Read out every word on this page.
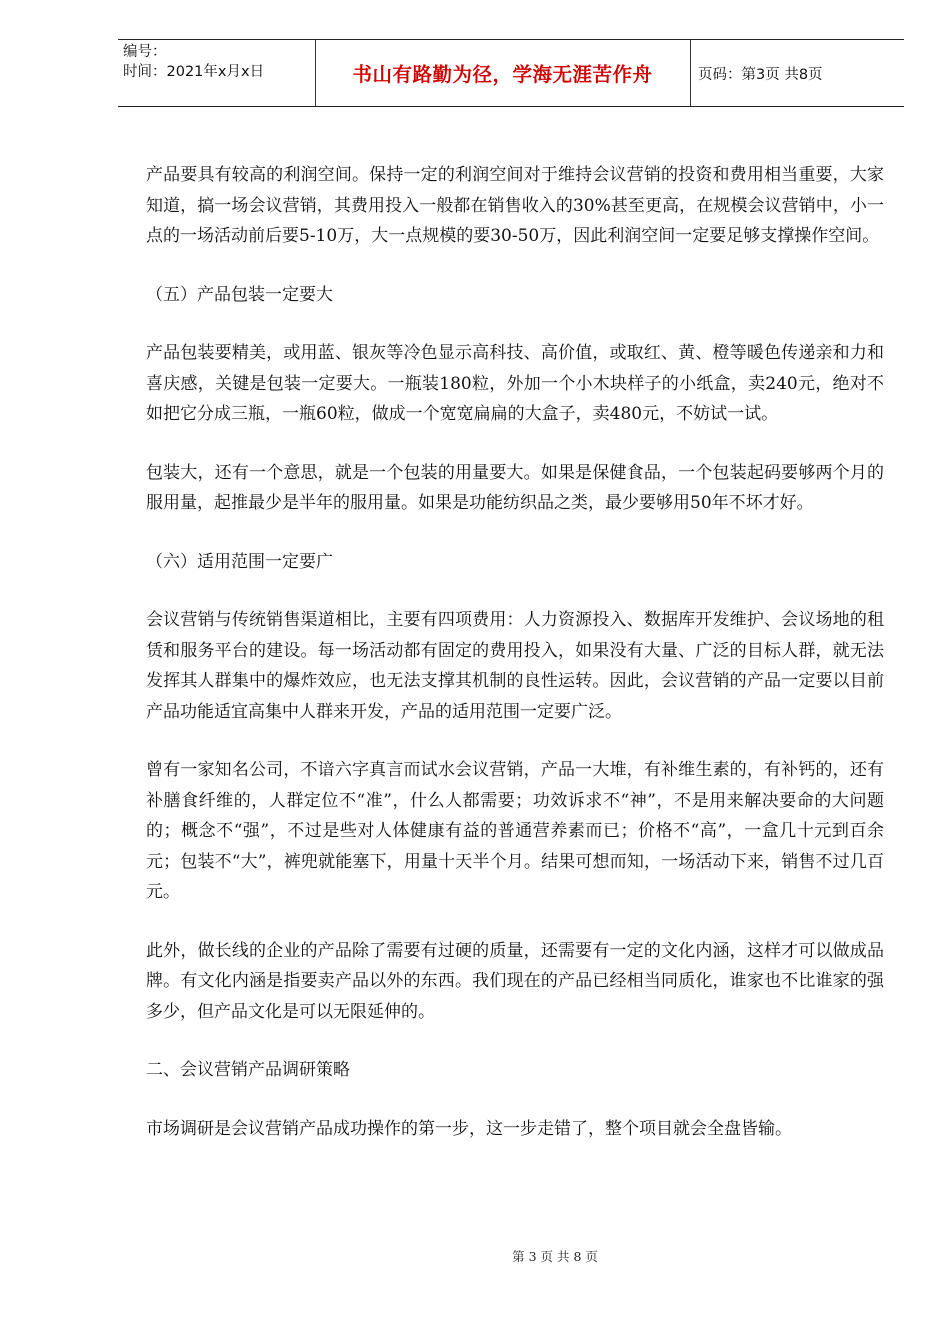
编号：
时间：2021年x月x日	书山有路勤为径，学海无涯苦作舟	页码：第3页 共8页

产品要具有较高的利润空间。保持一定的利润空间对于维持会议营销的投资和费用相当重要，大家知道，搞一场会议营销，其费用投入一般都在销售收入的30%甚至更高，在规模会议营销中，小一点的一场活动前后要5-10万，大一点规模的要30-50万，因此利润空间一定要足够支撑操作空间。

（五）产品包装一定要大

产品包装要精美，或用蓝、银灰等冷色显示高科技、高价值，或取红、黄、橙等暖色传递亲和力和喜庆感，关键是包装一定要大。一瓶装180粒，外加一个小木块样子的小纸盒，卖240元，绝对不如把它分成三瓶，一瓶60粒，做成一个宽宽扁扁的大盒子，卖480元，不妨试一试。

包装大，还有一个意思，就是一个包装的用量要大。如果是保健食品，一个包装起码要够两个月的服用量，起推最少是半年的服用量。如果是功能纺织品之类，最少要够用50年不坏才好。

（六）适用范围一定要广

会议营销与传统销售渠道相比，主要有四项费用：人力资源投入、数据库开发维护、会议场地的租赁和服务平台的建设。每一场活动都有固定的费用投入，如果没有大量、广泛的目标人群，就无法发挥其人群集中的爆炸效应，也无法支撑其机制的良性运转。因此，会议营销的产品一定要以目前产品功能适宜高集中人群来开发，产品的适用范围一定要广泛。

曾有一家知名公司，不谙六字真言而试水会议营销，产品一大堆，有补维生素的，有补钙的，还有补膳食纤维的，人群定位不“准”，什么人都需要；功效诉求不“神”，不是用来解决要命的大问题的；概念不“强”，不过是些对人体健康有益的普通营养素而已；价格不“高”，一盒几十元到百余元；包装不“大”，裤兜就能塞下，用量十天半个月。结果可想而知，一场活动下来，销售不过几百元。

此外，做长线的企业的产品除了需要有过硬的质量，还需要有一定的文化内涵，这样才可以做成品牌。有文化内涵是指要卖产品以外的东西。我们现在的产品已经相当同质化，谁家也不比谁家的强多少，但产品文化是可以无限延伸的。

二、会议营销产品调研策略

市场调研是会议营销产品成功操作的第一步，这一步走错了，整个项目就会全盘皆输。

第 3 页 共 8 页
